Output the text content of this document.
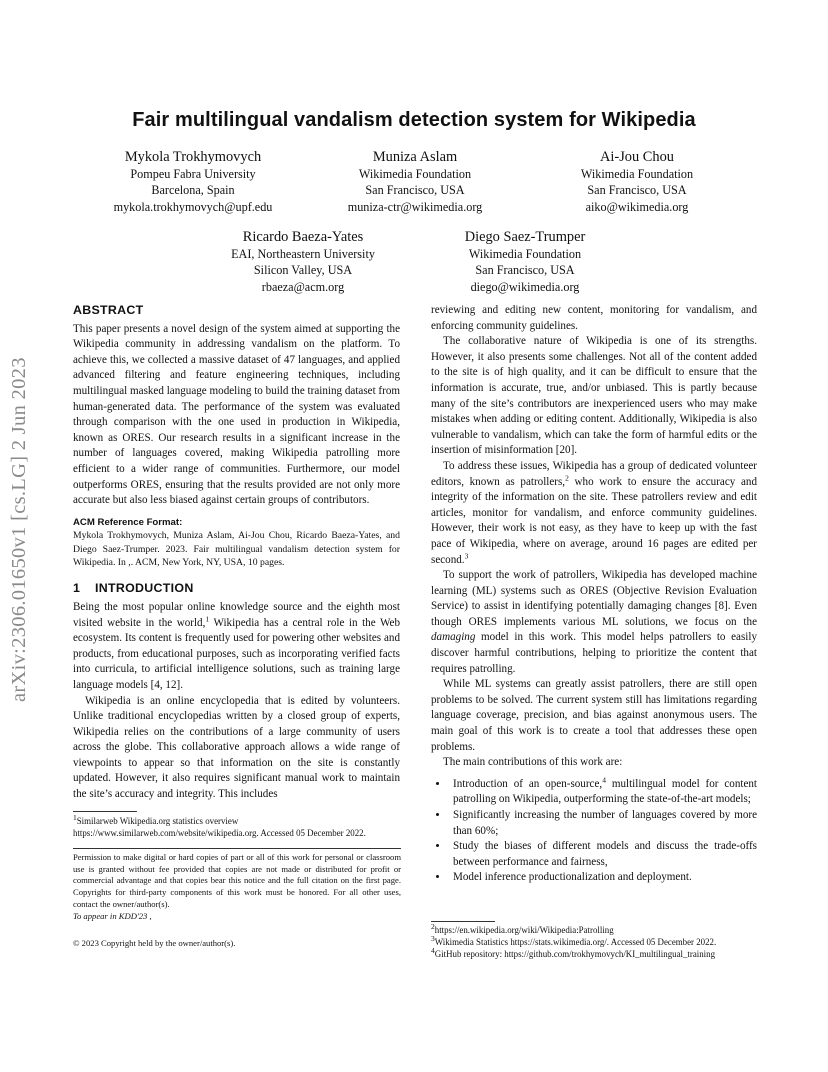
arXiv:2306.01650v1 [cs.LG] 2 Jun 2023
Fair multilingual vandalism detection system for Wikipedia
Mykola Trokhymovych
Pompeu Fabra University
Barcelona, Spain
mykola.trokhymovych@upf.edu
Muniza Aslam
Wikimedia Foundation
San Francisco, USA
muniza-ctr@wikimedia.org
Ai-Jou Chou
Wikimedia Foundation
San Francisco, USA
aiko@wikimedia.org
Ricardo Baeza-Yates
EAI, Northeastern University
Silicon Valley, USA
rbaeza@acm.org
Diego Saez-Trumper
Wikimedia Foundation
San Francisco, USA
diego@wikimedia.org
ABSTRACT

This paper presents a novel design of the system aimed at supporting the Wikipedia community in addressing vandalism on the platform. To achieve this, we collected a massive dataset of 47 languages, and applied advanced filtering and feature engineering techniques, including multilingual masked language modeling to build the training dataset from human-generated data. The performance of the system was evaluated through comparison with the one used in production in Wikipedia, known as ORES. Our research results in a significant increase in the number of languages covered, making Wikipedia patrolling more efficient to a wider range of communities. Furthermore, our model outperforms ORES, ensuring that the results provided are not only more accurate but also less biased against certain groups of contributors.

ACM Reference Format:
Mykola Trokhymovych, Muniza Aslam, Ai-Jou Chou, Ricardo Baeza-Yates, and Diego Saez-Trumper. 2023. Fair multilingual vandalism detection system for Wikipedia. In ,. ACM, New York, NY, USA, 10 pages.
1 INTRODUCTION

Being the most popular online knowledge source and the eighth most visited website in the world,$^1$ Wikipedia has a central role in the Web ecosystem. Its content is frequently used for powering other websites and products, from educational purposes, such as incorporating verified facts into curricula, to artificial intelligence solutions, such as training large language models [4, 12].

Wikipedia is an online encyclopedia that is edited by volunteers. Unlike traditional encyclopedias written by a closed group of experts, Wikipedia relies on the contributions of a large community of users across the globe. This collaborative approach allows a wide range of viewpoints to appear so that information on the site is constantly updated. However, it also requires significant manual work to maintain the site’s accuracy and integrity. This includes

$^1$Similarweb Wikipedia.org statistics overview https://www.similarweb.com/website/wikipedia.org. Accessed 05 December 2022.
Permission to make digital or hard copies of part or all of this work for personal or classroom use is granted without fee provided that copies are not made or distributed for profit or commercial advantage and that copies bear this notice and the full citation on the first page. Copyrights for third-party components of this work must be honored. For all other uses, contact the owner/author(s).
To appear in KDD'23 ,
© 2023 Copyright held by the owner/author(s).

reviewing and editing new content, monitoring for vandalism, and enforcing community guidelines.

The collaborative nature of Wikipedia is one of its strengths. However, it also presents some challenges. Not all of the content added to the site is of high quality, and it can be difficult to ensure that the information is accurate, true, and/or unbiased. This is partly because many of the site’s contributors are inexperienced users who may make mistakes when adding or editing content. Additionally, Wikipedia is also vulnerable to vandalism, which can take the form of harmful edits or the insertion of misinformation [20].

To address these issues, Wikipedia has a group of dedicated volunteer editors, known as patrollers,$^2$ who work to ensure the accuracy and integrity of the information on the site. These patrollers review and edit articles, monitor for vandalism, and enforce community guidelines. However, their work is not easy, as they have to keep up with the fast pace of Wikipedia, where on average, around 16 pages are edited per second.$^3$

To support the work of patrollers, Wikipedia has developed machine learning (ML) systems such as ORES (Objective Revision Evaluation Service) to assist in identifying potentially damaging changes [8]. Even though ORES implements various ML solutions, we focus on the damaging model in this work. This model helps patrollers to easily discover harmful contributions, helping to prioritize the content that requires patrolling.

While ML systems can greatly assist patrollers, there are still open problems to be solved. The current system still has limitations regarding language coverage, precision, and bias against anonymous users. The main goal of this work is to create a tool that addresses these open problems.

The main contributions of this work are:

• Introduction of an open-source,$^4$ multilingual model for content patrolling on Wikipedia, outperforming the state-of-the-art models;
• Significantly increasing the number of languages covered by more than 60%;
• Study the biases of different models and discuss the trade-offs between performance and fairness,
• Model inference productionalization and deployment.
$^2$https://en.wikipedia.org/wiki/Wikipedia:Patrolling
$^3$Wikimedia Statistics https://stats.wikimedia.org/. Accessed 05 December 2022.
$^4$GitHub repository: https://github.com/trokhymovych/KI_multilingual_training
